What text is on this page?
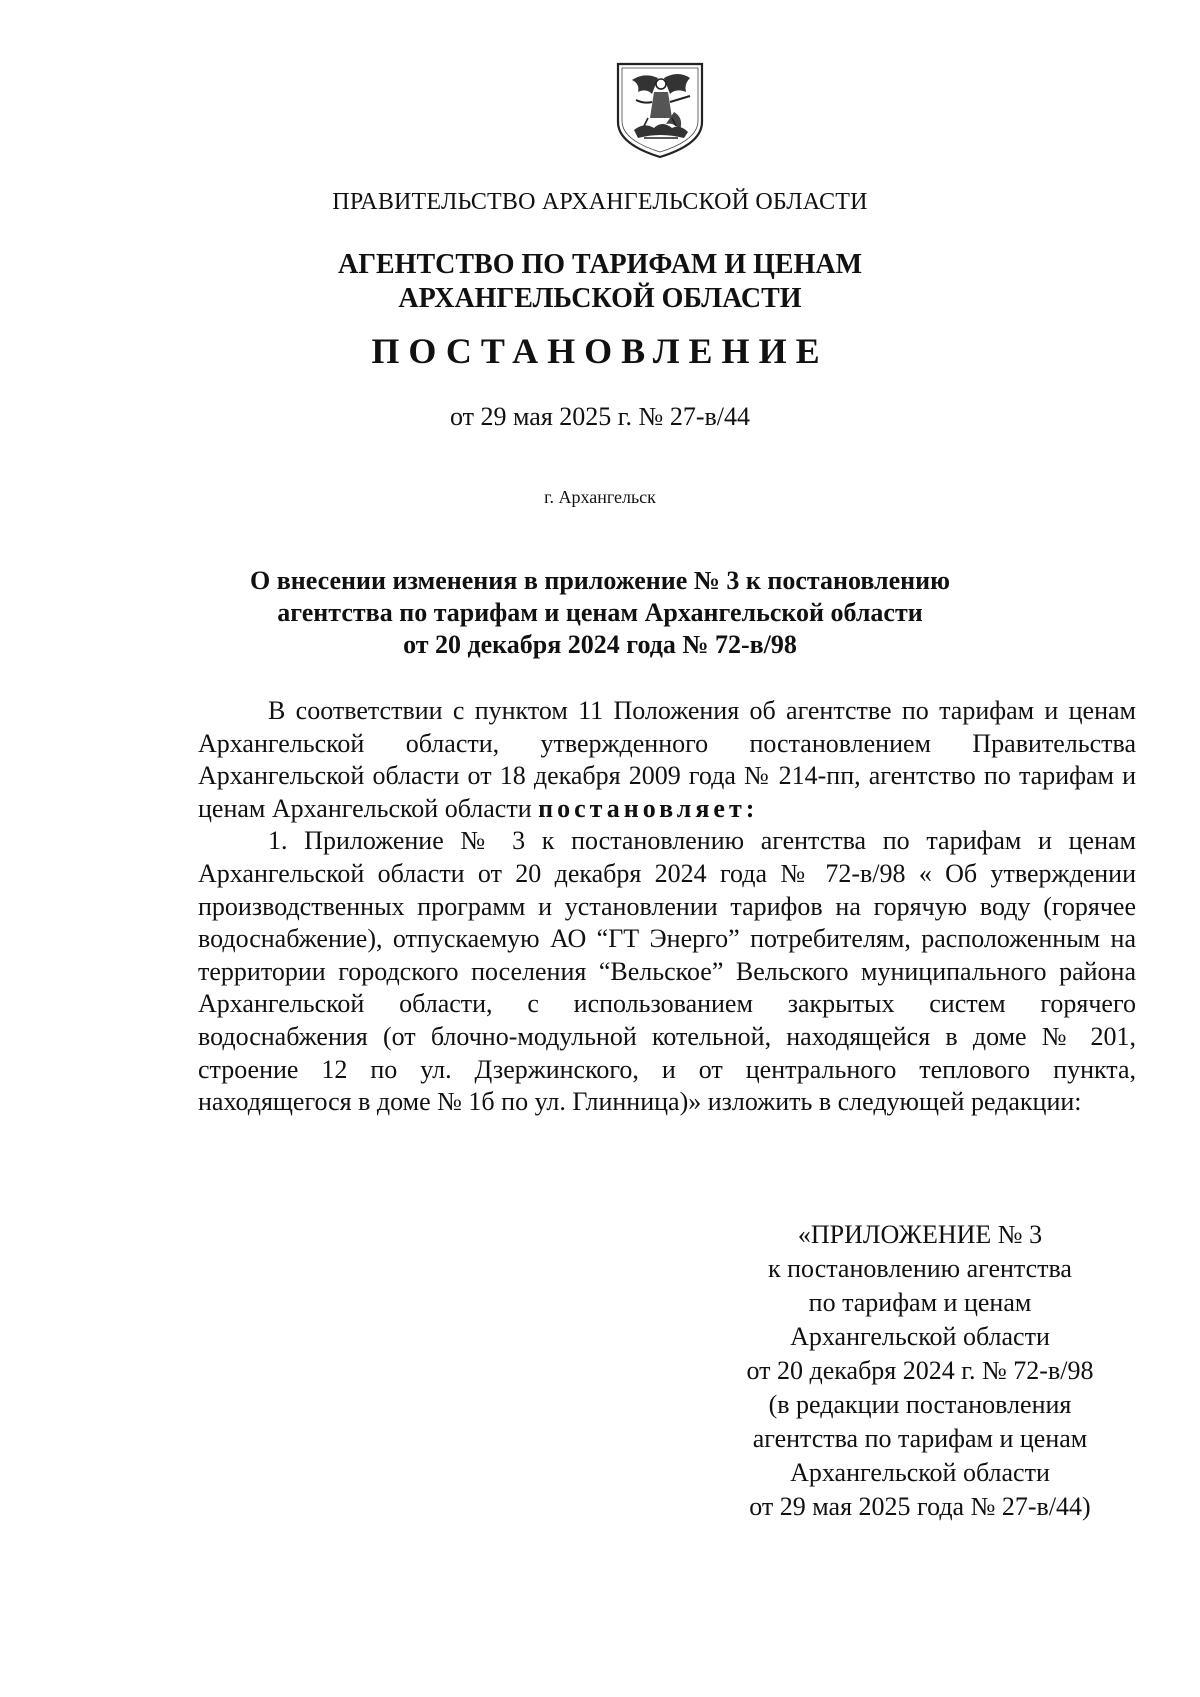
ПРАВИТЕЛЬСТВО АРХАНГЕЛЬСКОЙ ОБЛАСТИ
АГЕНТСТВО ПО ТАРИФАМ И ЦЕНАМ
АРХАНГЕЛЬСКОЙ ОБЛАСТИ
ПОСТАНОВЛЕНИЕ
от 29 мая 2025 г. № 27-в/44
г. Архангельск
О внесении изменения в приложение № 3 к постановлению
агентства по тарифам и ценам Архангельской области
от 20 декабря 2024 года № 72-в/98

В соответствии с пунктом 11 Положения об агентстве по тарифам и ценам Архангельской области, утвержденного постановлением Правительства Архангельской области от 18 декабря 2009 года № 214-пп, агентство по тарифам и ценам Архангельской области постановляет:

1. Приложение № 3 к постановлению агентства по тарифам и ценам Архангельской области от 20 декабря 2024 года № 72-в/98 « Об утверждении производственных программ и установлении тарифов на горячую воду (горячее водоснабжение), отпускаемую АО “ГТ Энерго” потребителям, расположенным на территории городского поселения “Вельское” Вельского муниципального района Архангельской области, с использованием закрытых систем горячего водоснабжения (от блочно-модульной котельной, находящейся в доме № 201, строение 12 по ул. Дзержинского, и от центрального теплового пункта, находящегося в доме № 1б по ул. Глинница)» изложить в следующей редакции:

«ПРИЛОЖЕНИЕ № 3
к постановлению агентства
по тарифам и ценам
Архангельской области
от 20 декабря 2024 г. № 72-в/98
(в редакции постановления
агентства по тарифам и ценам
Архангельской области
от 29 мая 2025 года № 27-в/44)
